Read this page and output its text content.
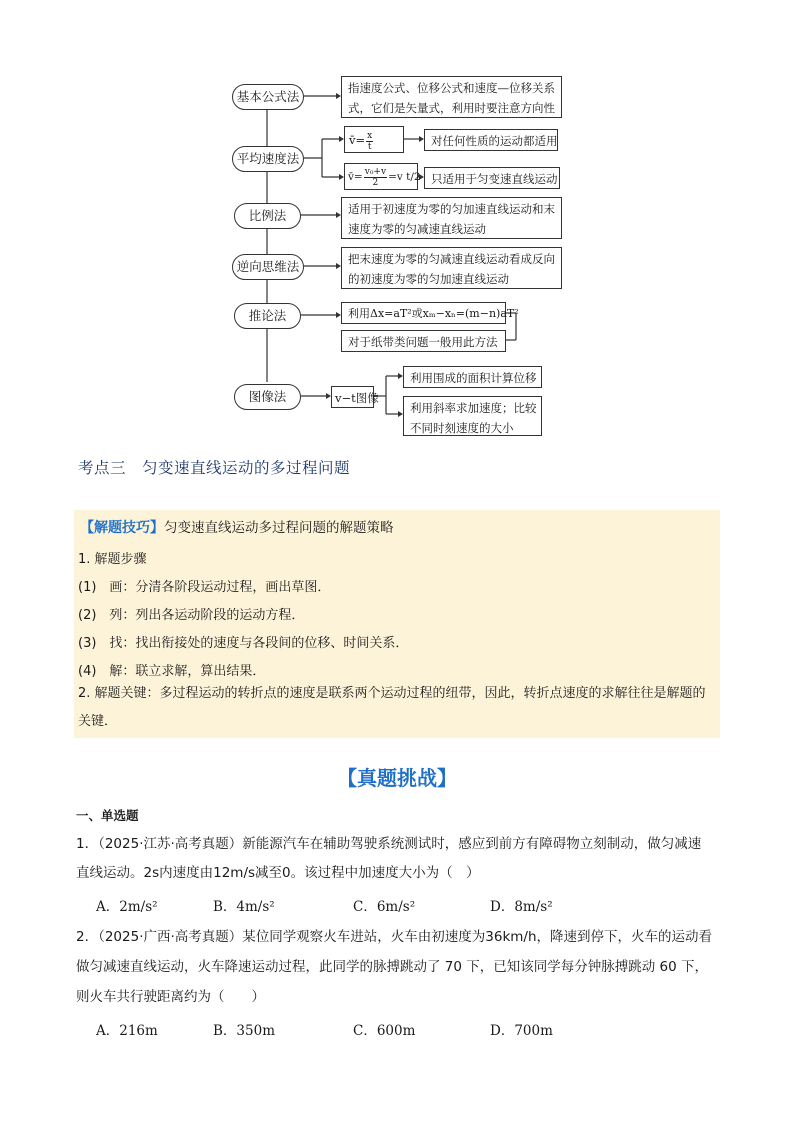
基本公式法
平均速度法
比例法
逆向思维法
推论法
图像法
指速度公式、位移公式和速度—位移关系
式，它们是矢量式，利用时要注意方向性
v̄= $\frac{x}{t}$	对任何性质的运动都适用
v̄= $\frac{\text{v₀+v}}{2} =v$ t/2 只适用于匀变速直线运动
适用于初速度为零的匀加速直线运动和末
速度为零的匀减速直线运动
把末速度为零的匀减速直线运动看成反向
的初速度为零的匀加速直线运动
利用Δx=aT²或xₘ−xₙ=(m−n)aT²
对于纸带类问题一般用此方法
v−t图像
利用围成的面积计算位移
利用斜率求加速度；比较
不同时刻速度的大小
考点三 匀变速直线运动的多过程问题
【解题技巧】匀变速直线运动多过程问题的解题策略
1. 解题步骤
(1)　画：分清各阶段运动过程，画出草图．
(2)　列：列出各运动阶段的运动方程．
(3)　找：找出衔接处的速度与各段间的位移、时间关系．
(4)　解：联立求解，算出结果．
2. 解题关键：多过程运动的转折点的速度是联系两个运动过程的纽带，因此，转折点速度的求解往往是解题的关键．
【真题挑战】
一、单选题
1．（2025·江苏·高考真题）新能源汽车在辅助驾驶系统测试时，感应到前方有障碍物立刻制动，做匀减速
直线运动。2s内速度由12m/s减至0。该过程中加速度大小为（　）
A．2m/s²	B．4m/s²	C．6m/s²	D．8m/s²
2．（2025·广西·高考真题）某位同学观察火车进站，火车由初速度为36km/h，降速到停下，火车的运动看
做匀减速直线运动，火车降速运动过程，此同学的脉搏跳动了 70 下，已知该同学每分钟脉搏跳动 60 下，
则火车共行驶距离约为（　　）
A．216m	B．350m	C．600m	D．700m
